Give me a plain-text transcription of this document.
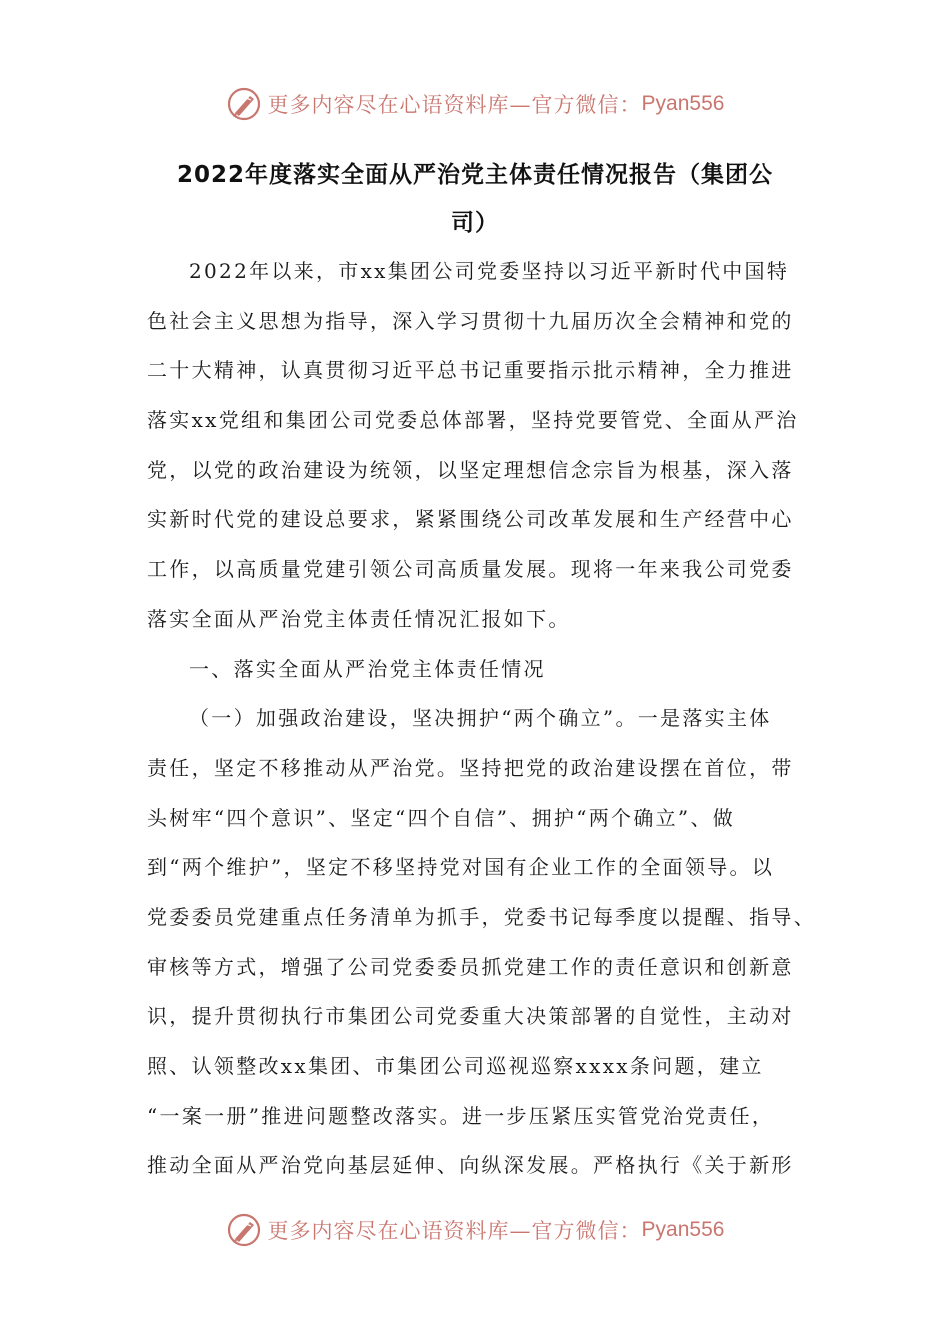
更多内容尽在心语资料库—官方微信： Pyan556
2022年度落实全面从严治党主体责任情况报告（集团公
司）
2022年以来，市xx集团公司党委坚持以习近平新时代中国特
色社会主义思想为指导，深入学习贯彻十九届历次全会精神和党的
二十大精神，认真贯彻习近平总书记重要指示批示精神，全力推进
落实xx党组和集团公司党委总体部署，坚持党要管党、全面从严治
党，以党的政治建设为统领，以坚定理想信念宗旨为根基，深入落
实新时代党的建设总要求，紧紧围绕公司改革发展和生产经营中心
工作，以高质量党建引领公司高质量发展。现将一年来我公司党委
落实全面从严治党主体责任情况汇报如下。
一、落实全面从严治党主体责任情况
（一）加强政治建设，坚决拥护“两个确立”。一是落实主体
责任，坚定不移推动从严治党。坚持把党的政治建设摆在首位，带
头树牢“四个意识”、坚定“四个自信”、拥护“两个确立”、做
到“两个维护”，坚定不移坚持党对国有企业工作的全面领导。以
党委委员党建重点任务清单为抓手，党委书记每季度以提醒、指导、
审核等方式，增强了公司党委委员抓党建工作的责任意识和创新意
识，提升贯彻执行市集团公司党委重大决策部署的自觉性，主动对
照、认领整改xx集团、市集团公司巡视巡察xxxx条问题，建立
“一案一册”推进问题整改落实。进一步压紧压实管党治党责任，
推动全面从严治党向基层延伸、向纵深发展。严格执行《关于新形
更多内容尽在心语资料库—官方微信： Pyan556
